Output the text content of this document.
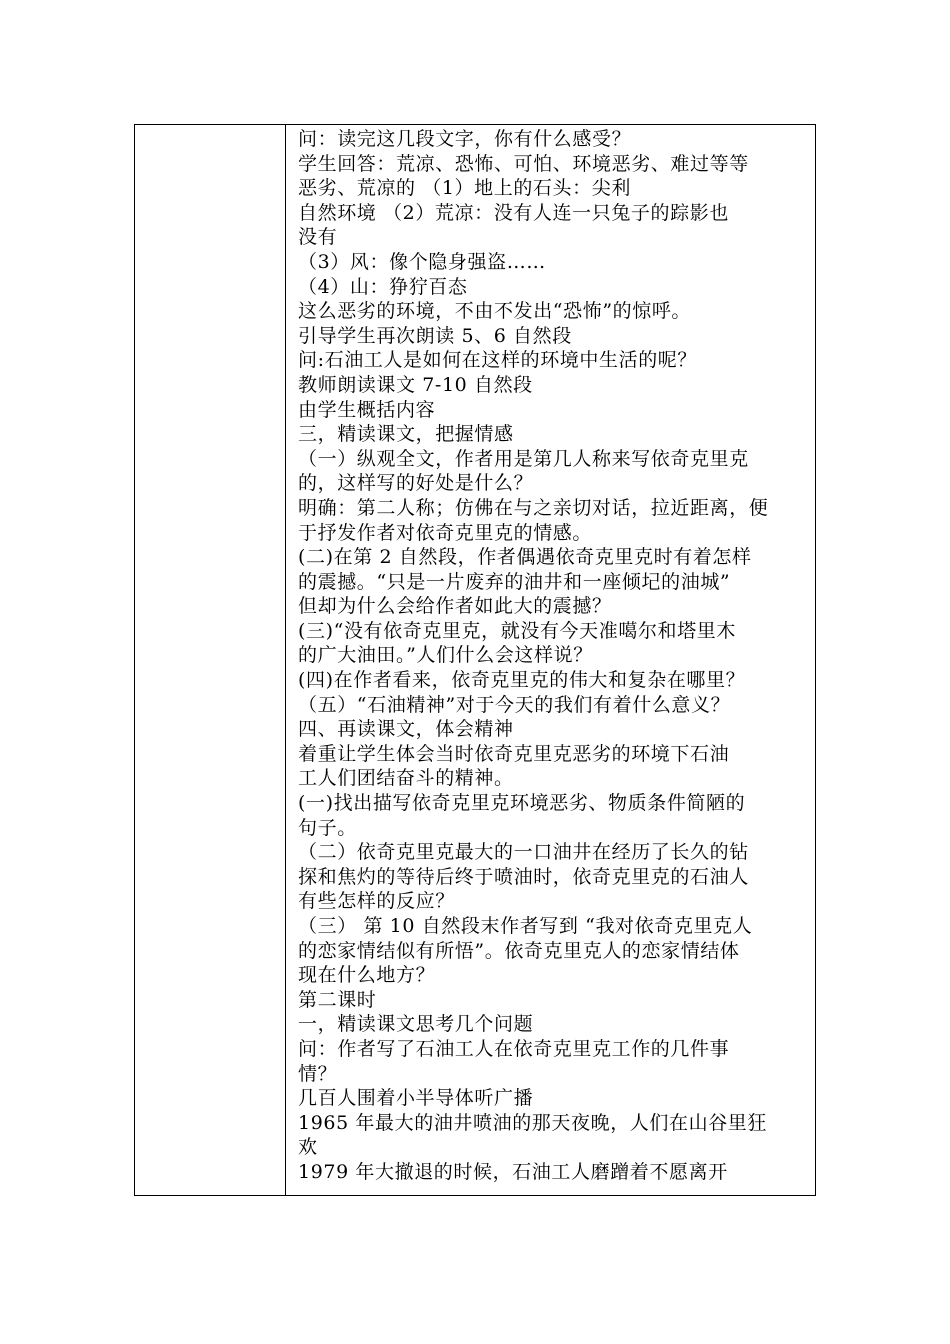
问：读完这几段文字，你有什么感受？
学生回答：荒凉、恐怖、可怕、环境恶劣、难过等等
恶劣、荒凉的 （1）地上的石头：尖利
自然环境 （2）荒凉：没有人连一只兔子的踪影也
没有
（3）风：像个隐身强盗……
（4）山：狰狞百态
这么恶劣的环境，不由不发出“恐怖”的惊呼。
引导学生再次朗读 5、6 自然段
问:石油工人是如何在这样的环境中生活的呢？
教师朗读课文 7-10 自然段
由学生概括内容
三，精读课文，把握情感
（一）纵观全文，作者用是第几人称来写依奇克里克
的，这样写的好处是什么？
明确：第二人称；仿佛在与之亲切对话，拉近距离，便
于抒发作者对依奇克里克的情感。
(二)在第 2 自然段，作者偶遇依奇克里克时有着怎样
的震撼。“只是一片废弃的油井和一座倾圮的油城”
但却为什么会给作者如此大的震撼？
(三)“没有依奇克里克，就没有今天准噶尔和塔里木
的广大油田。”人们什么会这样说？
(四)在作者看来，依奇克里克的伟大和复杂在哪里？
（五）“石油精神”对于今天的我们有着什么意义？
四、再读课文，体会精神
着重让学生体会当时依奇克里克恶劣的环境下石油
工人们团结奋斗的精神。
(一)找出描写依奇克里克环境恶劣、物质条件简陋的
句子。
（二）依奇克里克最大的一口油井在经历了长久的钻
探和焦灼的等待后终于喷油时，依奇克里克的石油人
有些怎样的反应？
（三） 第 10 自然段末作者写到 “我对依奇克里克人
的恋家情结似有所悟”。依奇克里克人的恋家情结体
现在什么地方？
第二课时
一，精读课文思考几个问题
问：作者写了石油工人在依奇克里克工作的几件事
情？
几百人围着小半导体听广播
1965 年最大的油井喷油的那天夜晚，人们在山谷里狂
欢
1979 年大撤退的时候，石油工人磨蹭着不愿离开
